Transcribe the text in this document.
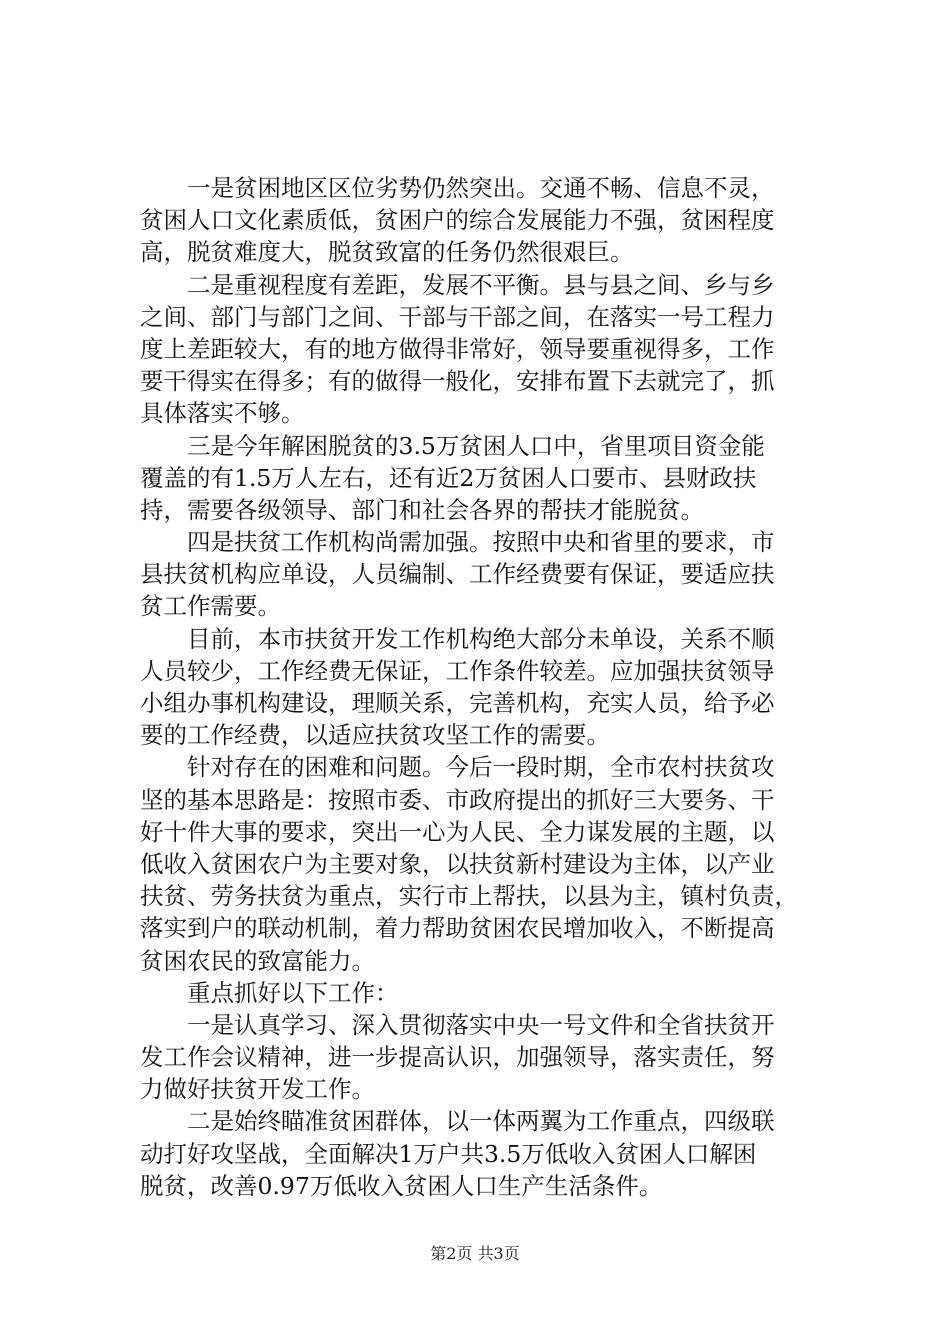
　　一是贫困地区区位劣势仍然突出。交通不畅、信息不灵，
贫困人口文化素质低，贫困户的综合发展能力不强，贫困程度
高，脱贫难度大，脱贫致富的任务仍然很艰巨。
　　二是重视程度有差距，发展不平衡。县与县之间、乡与乡
之间、部门与部门之间、干部与干部之间，在落实一号工程力
度上差距较大，有的地方做得非常好，领导要重视得多，工作
要干得实在得多；有的做得一般化，安排布置下去就完了，抓
具体落实不够。
　　三是今年解困脱贫的3.5万贫困人口中，省里项目资金能
覆盖的有1.5万人左右，还有近2万贫困人口要市、县财政扶
持，需要各级领导、部门和社会各界的帮扶才能脱贫。
　　四是扶贫工作机构尚需加强。按照中央和省里的要求，市
县扶贫机构应单设，人员编制、工作经费要有保证，要适应扶
贫工作需要。
　　目前，本市扶贫开发工作机构绝大部分未单设，关系不顺
人员较少，工作经费无保证，工作条件较差。应加强扶贫领导
小组办事机构建设，理顺关系，完善机构，充实人员，给予必
要的工作经费，以适应扶贫攻坚工作的需要。
　　针对存在的困难和问题。今后一段时期，全市农村扶贫攻
坚的基本思路是：按照市委、市政府提出的抓好三大要务、干
好十件大事的要求，突出一心为人民、全力谋发展的主题，以
低收入贫困农户为主要对象，以扶贫新村建设为主体，以产业
扶贫、劳务扶贫为重点，实行市上帮扶，以县为主，镇村负责，
落实到户的联动机制，着力帮助贫困农民增加收入，不断提高
贫困农民的致富能力。
　　重点抓好以下工作：
　　一是认真学习、深入贯彻落实中央一号文件和全省扶贫开
发工作会议精神，进一步提高认识，加强领导，落实责任，努
力做好扶贫开发工作。
　　二是始终瞄准贫困群体，以一体两翼为工作重点，四级联
动打好攻坚战，全面解决1万户共3.5万低收入贫困人口解困
脱贫，改善0.97万低收入贫困人口生产生活条件。
第2页 共3页
